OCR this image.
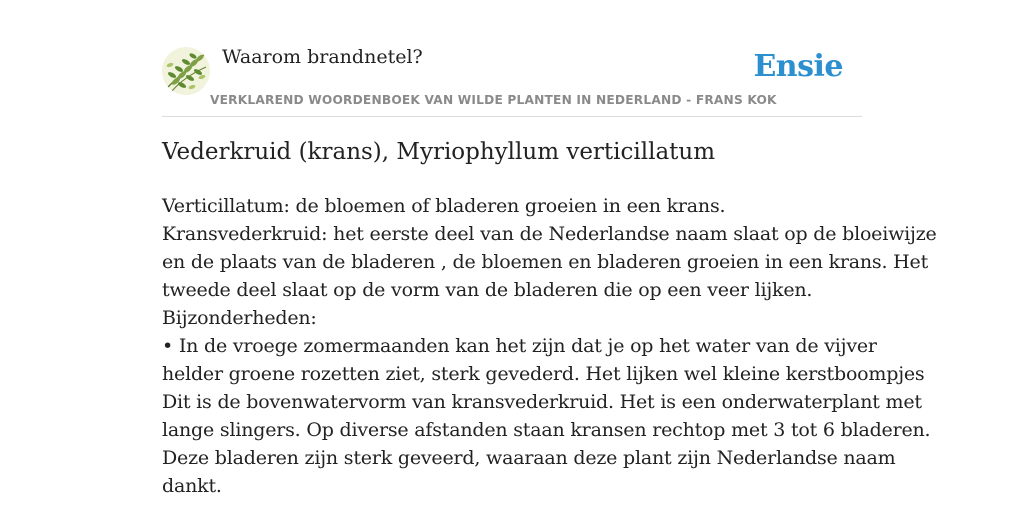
Waarom brandnetel?	Ensie
VERKLAREND WOORDENBOEK VAN WILDE PLANTEN IN NEDERLAND - FRANS KOK
Vederkruid (krans), Myriophyllum verticillatum
Verticillatum: de bloemen of bladeren groeien in een krans.
Kransvederkruid: het eerste deel van de Nederlandse naam slaat op de bloeiwijze
en de plaats van de bladeren , de bloemen en bladeren groeien in een krans. Het
tweede deel slaat op de vorm van de bladeren die op een veer lijken.
Bijzonderheden:
• In de vroege zomermaanden kan het zijn dat je op het water van de vijver
helder groene rozetten ziet, sterk gevederd. Het lijken wel kleine kerstboompjes
Dit is de bovenwatervorm van kransvederkruid. Het is een onderwaterplant met
lange slingers. Op diverse afstanden staan kransen rechtop met 3 tot 6 bladeren.
Deze bladeren zijn sterk geveerd, waaraan deze plant zijn Nederlandse naam
dankt.
